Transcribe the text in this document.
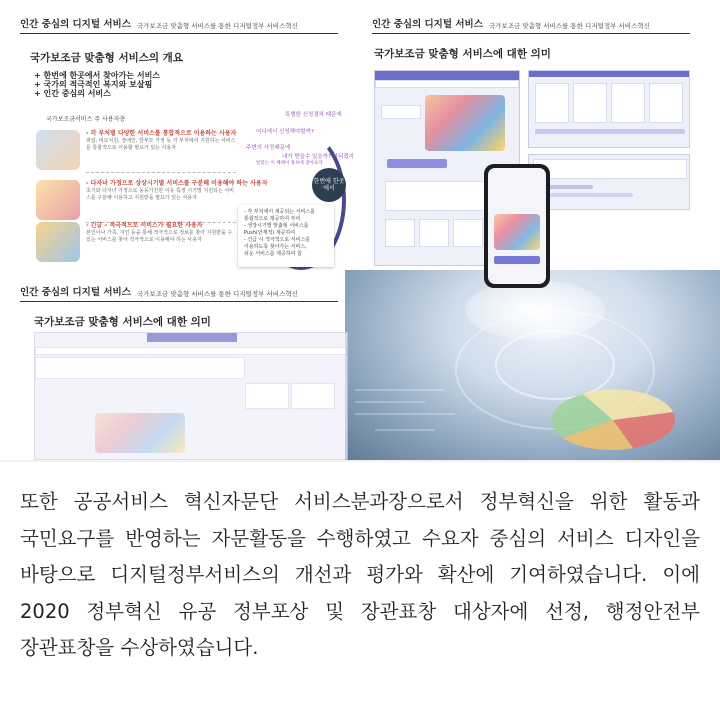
인간 중심의 디지털 서비스 국가보조금 맞춤형 서비스를 통한 디지털정부 서비스혁신
국가보조금 맞춤형 서비스의 개요
+ 한번에 한곳에서 찾아가는 서비스
+ 국가의 적극적인 복지와 보살핌
+ 인간 중심의 서비스
국가보조금서비스 주 사용자층
- 각 부처별 다양한 서비스를 통합적으로 이용하는 사용자
취업, 비로치원, 장애인, 한부모 가정 등 각 부처에서 지원하는 서비스를 통합적으로 이용할 필요가 있는 사용자
- 다자녀 가정으로 상상시기별 서비스를 구분해 이용해야 하는 사용자
초기와 다자녀 가정으로 동등가친한 이유 특정 시기별 지원되는 서비스를 구분해 이용하고 지원받을 필요가 있는 사용자
- 긴급 – 적극적으로 서비스가 필요한 사용자
본인이나 가족, 지인 등을 통해 적극적으로 정보를 찾아 지원받을 수 있는 서비스를 찾아 적극적으로 이용해야 하는 사용자
특별한 신청절차 때문에
어디에서 신청해야할까?
주변의 사정때문에
알맞는 이 혜택이 홍보에 찾아보자
내가 받을수 있을까? 안되겠지
한번에 한곳에서
- 각 부처에서 제공되는 서비스를
통합적으로 제공하여 부여
- 생장시기별 맞춤형 서비스를
Push(안재적) 제공하여
- 긴급 시 적극적으로 서비스를
이용하도록 찾아가는 서비스,
쉬운 서비스를 제공하여 함
인간 중심의 디지털 서비스 국가보조금 맞춤형 서비스를 통한 디지털정부 서비스혁신
국가보조금 맞춤형 서비스에 대한 의미
인간 중심의 디지털 서비스 국가보조금 맞춤형 서비스를 통한 디지털정부 서비스혁신
국가보조금 맞춤형 서비스에 대한 의미

또한 공공서비스 혁신자문단 서비스분과장으로서 정부혁신을 위한 활동과 국민요구를 반영하는 자문활동을 수행하였고 수요자 중심의 서비스 디자인을 바탕으로 디지털정부서비스의 개선과 평가와 확산에 기여하였습니다. 이에 2020 정부혁신 유공 정부포상 및 장관표창 대상자에 선정, 행정안전부 장관표창을 수상하였습니다.
